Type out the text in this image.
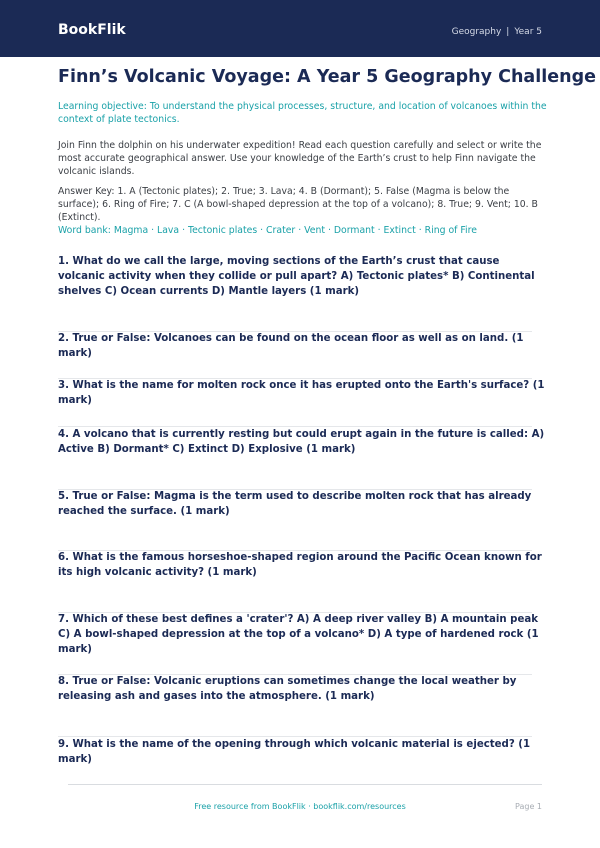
BookFlik	Geography | Year 5
Finn’s Volcanic Voyage: A Year 5 Geography Challenge

Learning objective: To understand the physical processes, structure, and location of volcanoes within the context of plate tectonics.

Join Finn the dolphin on his underwater expedition! Read each question carefully and select or write the most accurate geographical answer. Use your knowledge of the Earth’s crust to help Finn navigate the volcanic islands.

Answer Key: 1. A (Tectonic plates); 2. True; 3. Lava; 4. B (Dormant); 5. False (Magma is below the surface); 6. Ring of Fire; 7. C (A bowl-shaped depression at the top of a volcano); 8. True; 9. Vent; 10. B (Extinct).

Word bank: Magma · Lava · Tectonic plates · Crater · Vent · Dormant · Extinct · Ring of Fire

1. What do we call the large, moving sections of the Earth’s crust that cause volcanic activity when they collide or pull apart? A) Tectonic plates* B) Continental shelves C) Ocean currents D) Mantle layers (1 mark)

2. True or False: Volcanoes can be found on the ocean floor as well as on land. (1 mark)

3. What is the name for molten rock once it has erupted onto the Earth's surface? (1 mark)

4. A volcano that is currently resting but could erupt again in the future is called: A) Active B) Dormant* C) Extinct D) Explosive (1 mark)

5. True or False: Magma is the term used to describe molten rock that has already reached the surface. (1 mark)

6. What is the famous horseshoe-shaped region around the Pacific Ocean known for its high volcanic activity? (1 mark)

7. Which of these best defines a 'crater'? A) A deep river valley B) A mountain peak C) A bowl-shaped depression at the top of a volcano* D) A type of hardened rock (1 mark)

8. True or False: Volcanic eruptions can sometimes change the local weather by releasing ash and gases into the atmosphere. (1 mark)

9. What is the name of the opening through which volcanic material is ejected? (1 mark)

Free resource from BookFlik · bookflik.com/resources	Page 1
